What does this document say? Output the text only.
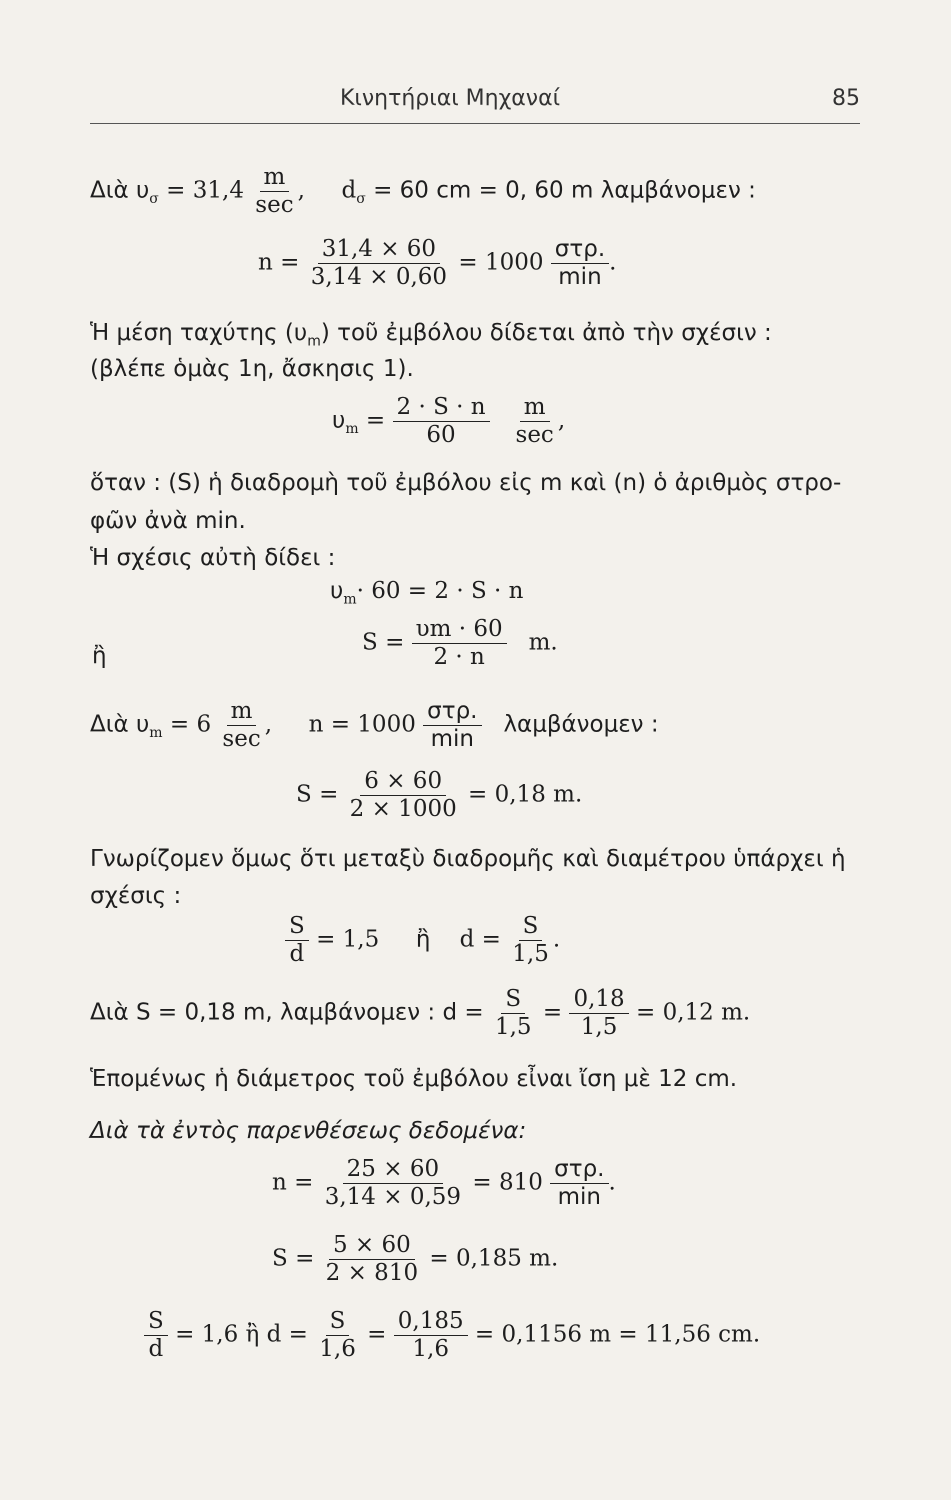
Κινητήριαι Μηχαναί	85
Διὰ $\upsilon_\sigma = 31,4 \frac{m}{\sec}$ , $d_\sigma = 60$ cm = 0, 60 m λαμβάνομεν :
$n = \frac{31,4 \times 60}{3,14 \times 0,60} = 1000 \frac{\text{στρ.}}{\min}$ .
Ἡ μέση ταχύτης $(\upsilon_m)$ τοῦ ἐμβόλου δίδεται ἀπὸ τὴν σχέσιν :
(βλέπε ὁμὰς 1η, ἄσκησις 1).
$\upsilon_m = \frac{2 \cdot S \cdot n}{60}$
$\frac{m}{\sec}$ ,
ὅταν : (S) ἡ διαδρομὴ τοῦ ἐμβόλου εἰς m καὶ (n) ὁ ἀριθμὸς στρο-
φῶν ἀνὰ min.
Ἡ σχέσις αὐτὴ δίδει :
$\upsilon_m\cdot 60 = 2 \cdot S \cdot n$
ἢ
$S = \frac{\upsilon m \cdot 60}{2 \cdot n} m$.
Διὰ $\upsilon_m = 6 \frac{m}{\sec}$ , $n = 1000 \frac{\text{στρ.}}{\min}$ λαμβάνομεν :
$S = \frac{6 \times 60}{2 \times 1000} = 0,18$ m.
Γνωρίζομεν ὅμως ὅτι μεταξὺ διαδρομῆς καὶ διαμέτρου ὑπάρχει ἡ
σχέσις :
$\frac{S}{d} = 1,5$ ἢ $d = \frac{S}{1,5}$ .
Διὰ S = 0,18 m, λαμβάνομεν : $d = \frac{S}{1,5} = \frac{0,18}{1,5} = 0,12$ m.
Ἑπομένως ἡ διάμετρος τοῦ ἐμβόλου εἶναι ἴση μὲ 12 cm.
Διὰ τὰ ἐντὸς παρενθέσεως δεδομένα:
$n = \frac{25 \times 60}{3,14 \times 0,59} = 810 \frac{\text{στρ.}}{\min}$ .
$S = \frac{5 \times 60}{2 \times 810} = 0,185$ m.
$\frac{S}{d} = 1,6$ ἢ $d = \frac{S}{1,6} = \frac{0,185}{1,6} = 0,1156$ m = 11,56 cm.
